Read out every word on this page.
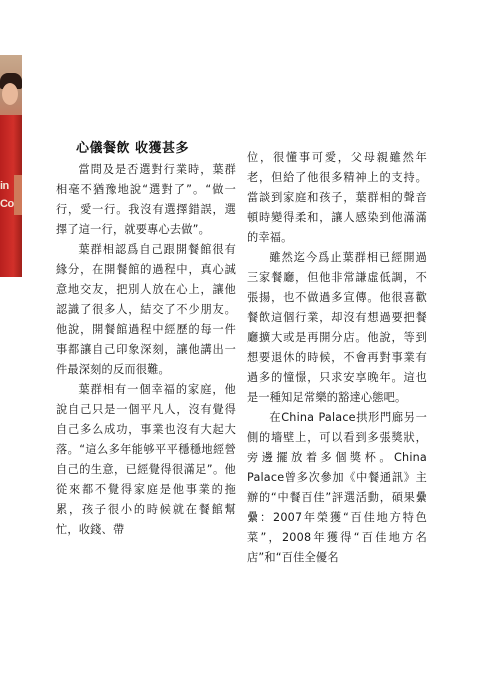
in
Co
心儀餐飲 收獲甚多

當問及是否選對行業時，葉群相毫不猶豫地說“選對了”。“做一行，愛一行。我沒有選擇錯誤，選擇了這一行，就要專心去做”。

葉群相認爲自己跟開餐館很有緣分，在開餐館的過程中，真心誠意地交友，把別人放在心上，讓他認識了很多人，結交了不少朋友。他說，開餐館過程中經歷的每一件事都讓自己印象深刻，讓他講出一件最深刻的反而很難。

葉群相有一個幸福的家庭，他說自己只是一個平凡人，沒有覺得自己多么成功，事業也沒有大起大落。“這么多年能够平平穩穩地經營自己的生意，已經覺得很滿足”。他從來都不覺得家庭是他事業的拖累，孩子很小的時候就在餐館幫忙，收錢、帶

位，很懂事可愛，父母親雖然年老，但給了他很多精神上的支持。當談到家庭和孩子，葉群相的聲音頓時變得柔和，讓人感染到他滿滿的幸福。

雖然迄今爲止葉群相已經開過三家餐廳，但他非常謙虛低調，不張揚，也不做過多宣傳。他很喜歡餐飲這個行業，却沒有想過要把餐廳擴大或是再開分店。他說，等到想要退休的時候，不會再對事業有過多的憧憬，只求安享晚年。這也是一種知足常樂的豁達心態吧。

在China Palace拱形門廊另一側的墻壁上，可以看到多張獎狀，旁邊擺放着多個獎杯。China Palace曾多次參加《中餐通訊》主辦的“中餐百佳”評選活動，碩果纍纍：2007年榮獲“百佳地方特色菜”，2008年獲得“百佳地方名店”和“百佳全優名
